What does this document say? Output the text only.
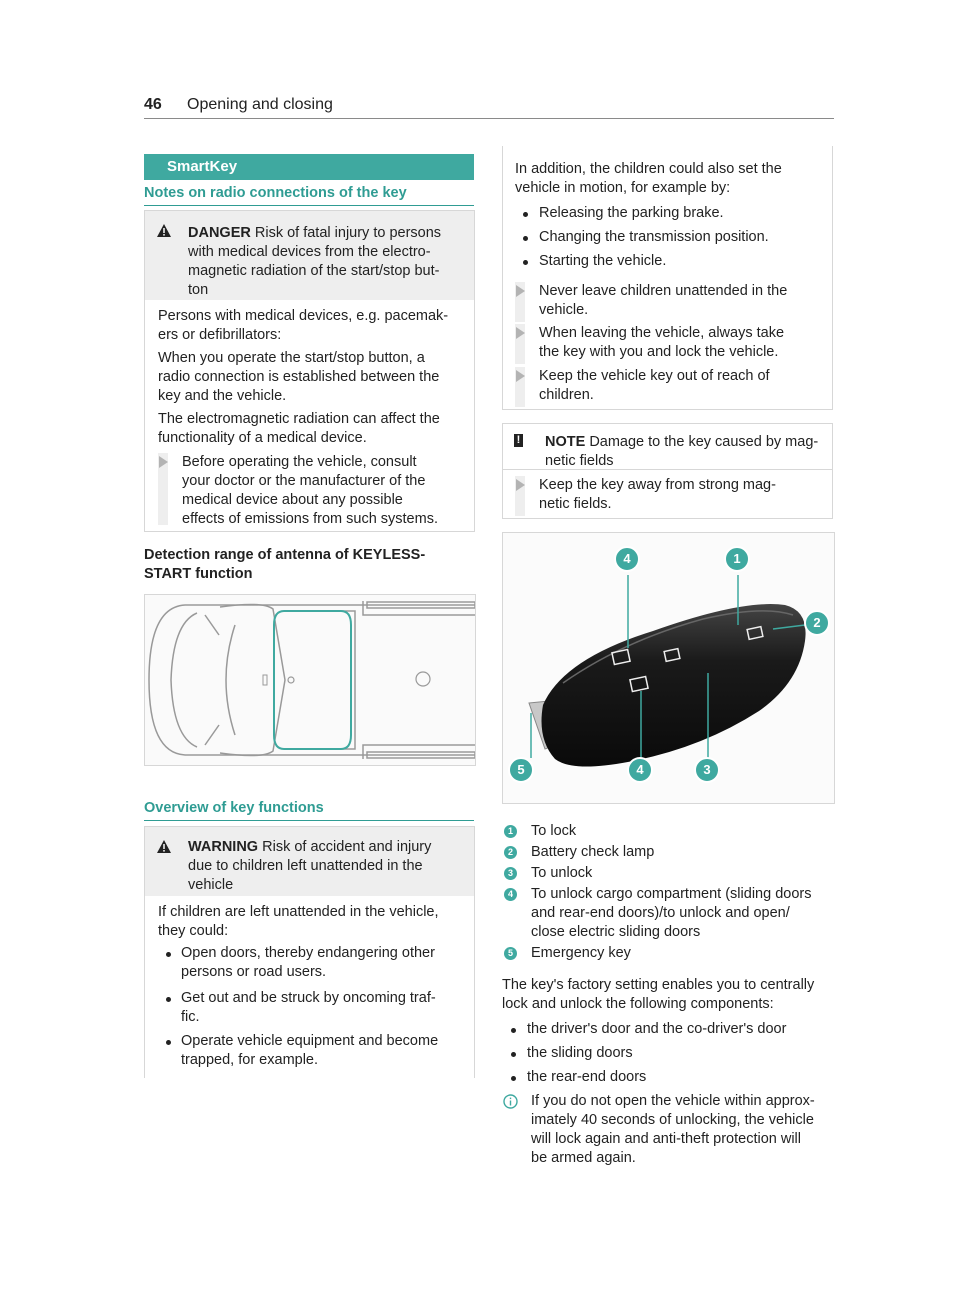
46 Opening and closing
SmartKey
Notes on radio connections of the key
DANGER Risk of fatal injury to persons
with medical devices from the electro-
magnetic radiation of the start/stop but-
ton
Persons with medical devices, e.g. pacemak-
ers or defibrillators:
When you operate the start/stop button, a
radio connection is established between the
key and the vehicle.
The electromagnetic radiation can affect the
functionality of a medical device.
Before operating the vehicle, consult
your doctor or the manufacturer of the
medical device about any possible
effects of emissions from such systems.
Detection range of antenna of KEYLESS-
START function
Overview of key functions
WARNING Risk of accident and injury
due to children left unattended in the
vehicle
If children are left unattended in the vehicle,
they could:
Open doors, thereby endangering other
persons or road users.
Get out and be struck by oncoming traf-
fic.
Operate vehicle equipment and become
trapped, for example.
In addition, the children could also set the
vehicle in motion, for example by:
Releasing the parking brake.
Changing the transmission position.
Starting the vehicle.
Never leave children unattended in the
vehicle.
When leaving the vehicle, always take
the key with you and lock the vehicle.
Keep the vehicle key out of reach of
children.
! NOTE Damage to the key caused by mag-
netic fields
Keep the key away from strong mag-
netic fields.
4	1
2
5	4	3
1 To lock
2 Battery check lamp
3 To unlock
4 To unlock cargo compartment (sliding doors
and rear-end doors)/to unlock and open/
close electric sliding doors
5 Emergency key
The key's factory setting enables you to centrally
lock and unlock the following components:
the driver's door and the co-driver's door
the sliding doors
the rear-end doors
If you do not open the vehicle within approx-
imately 40 seconds of unlocking, the vehicle
will lock again and anti-theft protection will
be armed again.
